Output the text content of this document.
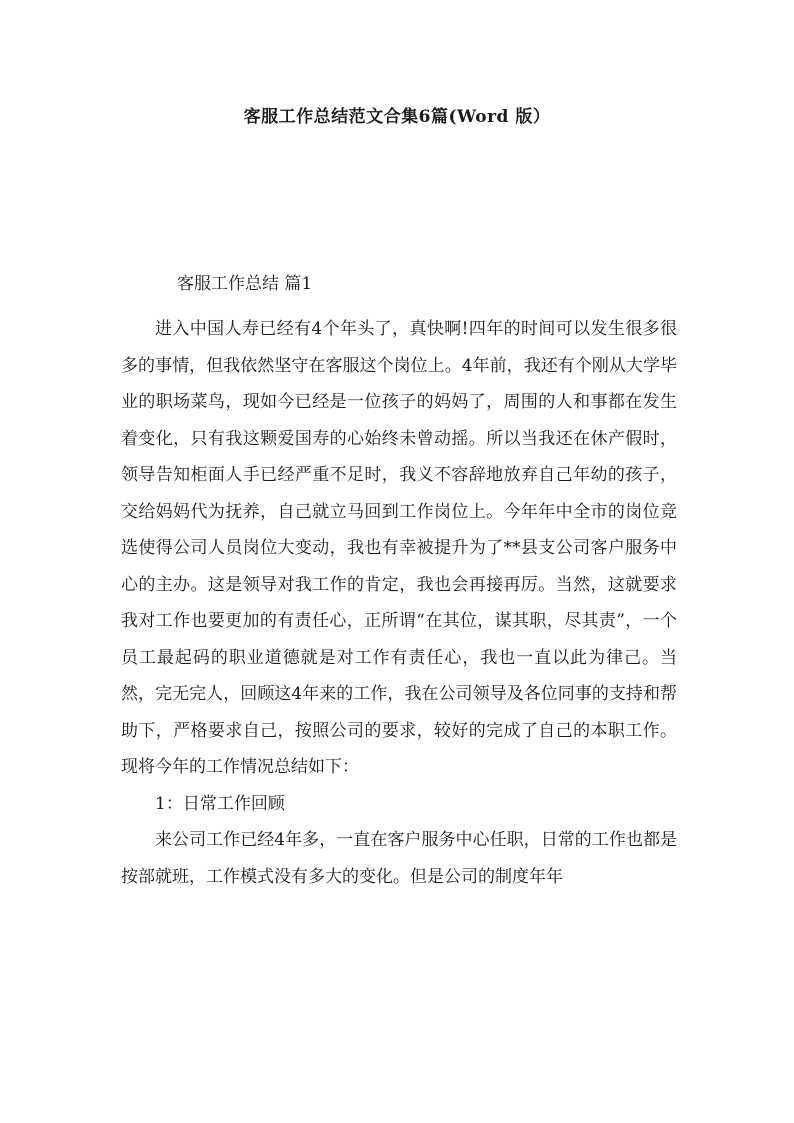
客服工作总结范文合集6篇(Word 版）
客服工作总结 篇1

进入中国人寿已经有4个年头了，真快啊!四年的时间可以发生很多很多的事情，但我依然坚守在客服这个岗位上。4年前，我还有个刚从大学毕业的职场菜鸟，现如今已经是一位孩子的妈妈了，周围的人和事都在发生着变化，只有我这颗爱国寿的心始终未曾动摇。所以当我还在休产假时，领导告知柜面人手已经严重不足时，我义不容辞地放弃自己年幼的孩子，交给妈妈代为抚养，自己就立马回到工作岗位上。今年年中全市的岗位竞选使得公司人员岗位大变动，我也有幸被提升为了**县支公司客户服务中心的主办。这是领导对我工作的肯定，我也会再接再厉。当然，这就要求我对工作也要更加的有责任心，正所谓“在其位，谋其职，尽其责”，一个员工最起码的职业道德就是对工作有责任心，我也一直以此为律己。当然，完无完人，回顾这4年来的工作，我在公司领导及各位同事的支持和帮助下，严格要求自己，按照公司的要求，较好的完成了自己的本职工作。现将今年的工作情况总结如下：

1：日常工作回顾

来公司工作已经4年多，一直在客户服务中心任职，日常的工作也都是按部就班，工作模式没有多大的变化。但是公司的制度年年
